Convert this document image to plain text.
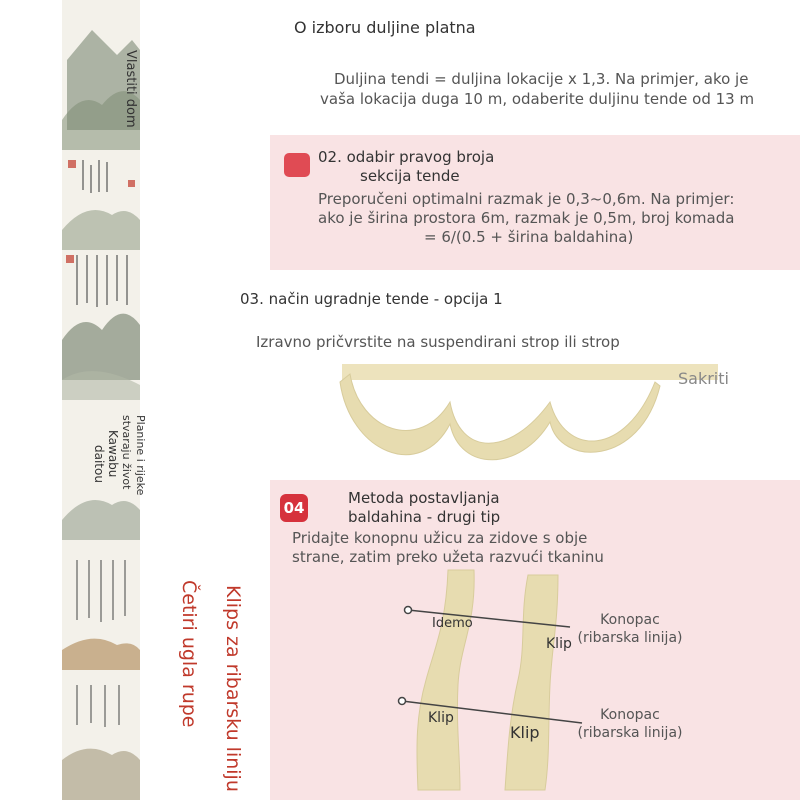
Vlastiti dom
Planine i rijeke
stvaraju život
Kawabu
daitou
Klips za ribarsku liniju
Četiri ugla rupe
O izboru duljine platna
Duljina tendi = duljina lokacije x 1,3. Na primjer, ako je
vaša lokacija duga 10 m, odaberite duljinu tende od 13 m
02. odabir pravog broja
sekcija tende
Preporučeni optimalni razmak je 0,3~0,6m. Na primjer:
ako je širina prostora 6m, razmak je 0,5m, broj komada
= 6/(0.5 + širina baldahina)
03. način ugradnje tende - opcija 1
Izravno pričvrstite na suspendirani strop ili strop
Sakriti
04
Metoda postavljanja
baldahina - drugi tip
Pridajte konopnu užicu za zidove s obje
strane, zatim preko užeta razvući tkaninu
Idemo
Klip
Klip
Klip
Konopac
(ribarska linija)
Konopac
(ribarska linija)
